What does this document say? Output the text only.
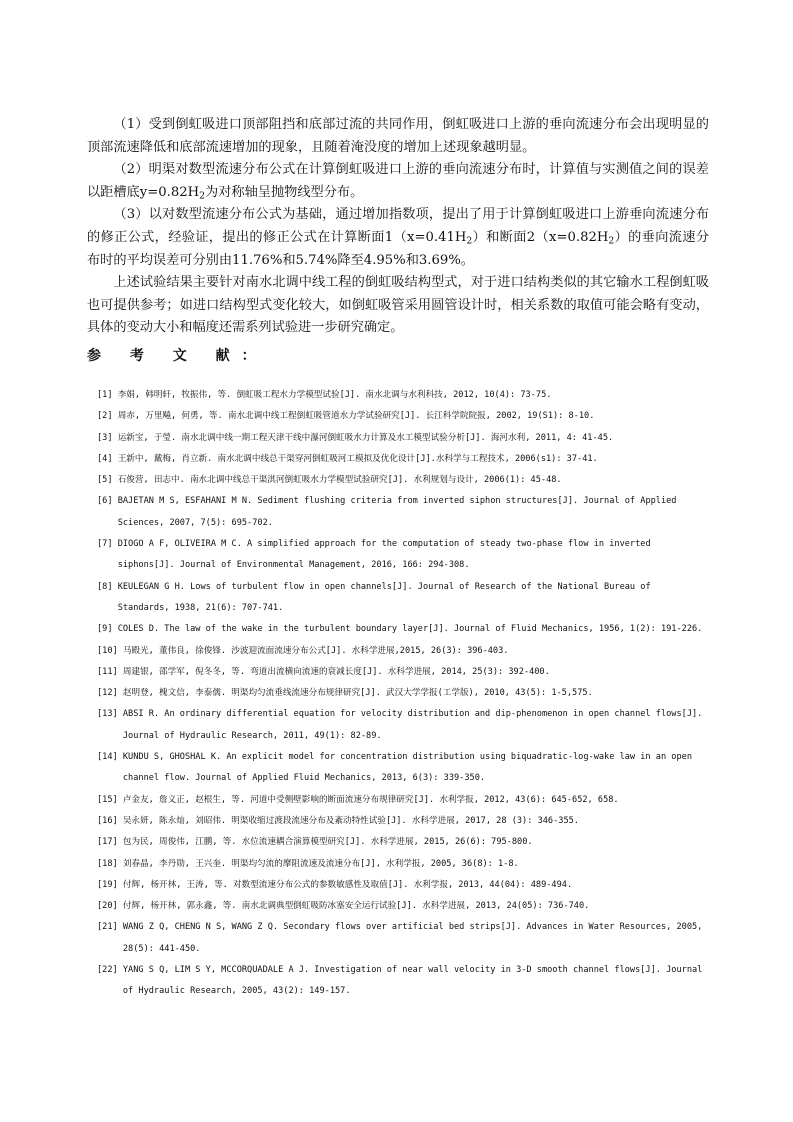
（1）受到倒虹吸进口顶部阻挡和底部过流的共同作用，倒虹吸进口上游的垂向流速分布会出现明显的顶部流速降低和底部流速增加的现象，且随着淹没度的增加上述现象越明显。

（2）明渠对数型流速分布公式在计算倒虹吸进口上游的垂向流速分布时，计算值与实测值之间的误差以距槽底$y=0.82H_2$为对称轴呈抛物线型分布。

（3）以对数型流速分布公式为基础，通过增加指数项，提出了用于计算倒虹吸进口上游垂向流速分布的修正公式，经验证，提出的修正公式在计算断面$1(x=0.41H_2)$和断面$2(x=0.82H_2)$的垂向流速分布时的平均误差可分别由11.76%和5.74%降至4.95%和3.69%。

上述试验结果主要针对南水北调中线工程的倒虹吸结构型式，对于进口结构类似的其它输水工程倒虹吸也可提供参考；如进口结构型式变化较大，如倒虹吸管采用圆管设计时，相关系数的取值可能会略有变动，具体的变动大小和幅度还需系列试验进一步研究确定。

参 考 文 献：
[1] 李娟, 韩明轩, 牧振伟, 等. 倒虹吸工程水力学模型试验[J]. 南水北调与水利科技, 2012, 10(4): 73-75.
[2] 周赤, 万里飚, 何勇, 等. 南水北调中线工程倒虹吸管道水力学试验研究[J]. 长江科学院院报, 2002, 19(S1): 8-10.
[3] 运新宝, 于瑩. 南水北调中线一期工程天津干线中瀑河倒虹吸水力计算及水工模型试验分析[J]. 海河水利, 2011, 4: 41-45.
[4] 王新中, 戴梅, 肖立新. 南水北调中线总干渠穿河倒虹吸河工模拟及优化设计[J].水科学与工程技术, 2006(s1): 37-41.
[5] 石俊营, 田志中. 南水北调中线总干渠淇河倒虹吸水力学模型试验研究[J]. 水利规划与设计, 2006(1): 45-48.
[6] BAJETAN M S, ESFAHANI M N. Sediment flushing criteria from inverted siphon structures[J]. Journal of Applied Sciences, 2007, 7(5): 695-702.
[7] DIOGO A F, OLIVEIRA M C. A simplified approach for the computation of steady two-phase flow in inverted siphons[J]. Journal of Environmental Management, 2016, 166: 294-308.
[8] KEULEGAN G H. Lows of turbulent flow in open channels[J]. Journal of Research of the National Bureau of Standards, 1938, 21(6): 707-741.
[9] COLES D. The law of the wake in the turbulent boundary layer[J]. Journal of Fluid Mechanics, 1956, 1(2): 191-226.
[10] 马殿光, 董伟良, 徐俊锋. 沙波迎流面流速分布公式[J]. 水科学进展,2015, 26(3): 396-403.
[11] 周建银, 邵学军, 倪冬冬, 等. 弯道出流横向流速的衰减长度[J]. 水科学进展, 2014, 25(3): 392-400.
[12] 赵明登, 槐文信, 李泰儒. 明渠均匀流垂线流速分布规律研究[J]. 武汉大学学报(工学版), 2010, 43(5): 1-5,575.
[13] ABSI R. An ordinary differential equation for velocity distribution and dip-phenomenon in open channel flows[J]. Journal of Hydraulic Research, 2011, 49(1): 82-89.
[14] KUNDU S, GHOSHAL K. An explicit model for concentration distribution using biquadratic-log-wake law in an open channel flow. Journal of Applied Fluid Mechanics, 2013, 6(3): 339-350.
[15] 卢金友, 詹义正, 赵根生, 等. 河道中受侧壁影响的断面流速分布规律研究[J]. 水利学报, 2012, 43(6): 645-652, 658.
[16] 吴永妍, 陈永灿, 刘昭伟. 明渠收缩过渡段流速分布及紊动特性试验[J]. 水科学进展, 2017, 28 (3): 346-355.
[17] 包为民, 周俊伟, 江鹏, 等. 水位流速耦合演算模型研究[J]. 水科学进展, 2015, 26(6): 795-800.
[18] 刘春晶, 李丹勋, 王兴奎. 明渠均匀流的摩阻流速及流速分布[J], 水利学报, 2005, 36(8): 1-8.
[19] 付辉, 杨开林, 王涛, 等. 对数型流速分布公式的参数敏感性及取值[J]. 水利学报, 2013, 44(04): 489-494.
[20] 付辉, 杨开林, 郭永鑫, 等. 南水北调典型倒虹吸防冰塞安全运行试验[J]. 水科学进展, 2013, 24(05): 736-740.
[21] WANG Z Q, CHENG N S, WANG Z Q. Secondary flows over artificial bed strips[J]. Advances in Water Resources, 2005, 28(5): 441-450.
[22] YANG S Q, LIM S Y, MCCORQUADALE A J. Investigation of near wall velocity in 3-D smooth channel flows[J]. Journal of Hydraulic Research, 2005, 43(2): 149-157.
